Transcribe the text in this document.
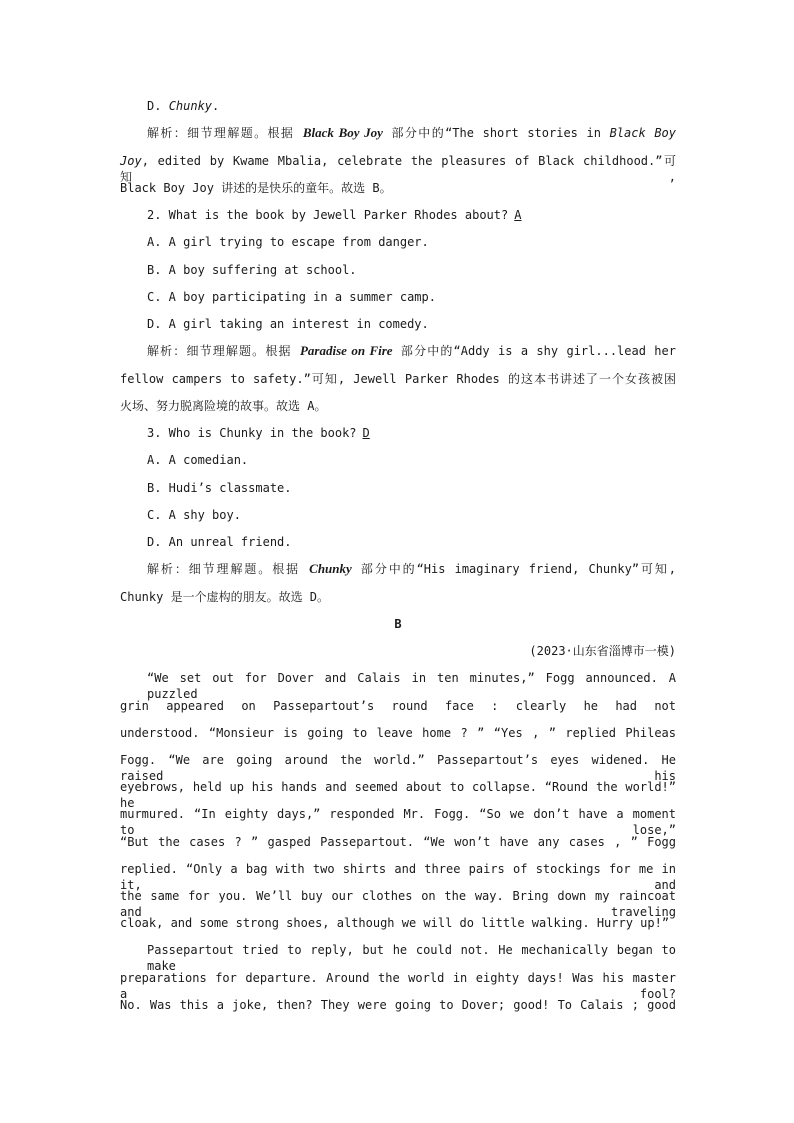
D. Chunky.
解析：细节理解题。根据 Black Boy Joy 部分中的“The short stories in Black Boy
Joy, edited by Kwame Mbalia, celebrate the pleasures of Black childhood.”可知,
Black Boy Joy 讲述的是快乐的童年。故选 B。
2. What is the book by Jewell Parker Rhodes about? A
A. A girl trying to escape from danger.
B. A boy suffering at school.
C. A boy participating in a summer camp.
D. A girl taking an interest in comedy.
解析：细节理解题。根据 Paradise on Fire 部分中的“Addy is a shy girl...lead her
fellow campers to safety.”可知, Jewell Parker Rhodes 的这本书讲述了一个女孩被困
火场、努力脱离险境的故事。故选 A。
3. Who is Chunky in the book? D
A. A comedian.
B. Hudi’s classmate.
C. A shy boy.
D. An unreal friend.
解析：细节理解题。根据 Chunky 部分中的“His imaginary friend, Chunky”可知,
Chunky 是一个虚构的朋友。故选 D。
B
(2023·山东省淄博市一模)
“We set out for Dover and Calais in ten minutes,” Fogg announced. A puzzled
grin appeared on Passepartout’s round face : clearly he had not
understood. “Monsieur is going to leave home ? ” “Yes , ” replied Phileas
Fogg. “We are going around the world.” Passepartout’s eyes widened. He raised his
eyebrows, held up his hands and seemed about to collapse. “Round the world!” he
murmured. “In eighty days,” responded Mr. Fogg. “So we don’t have a moment to lose,”
“But the cases ? ” gasped Passepartout. “We won’t have any cases , ” Fogg
replied. “Only a bag with two shirts and three pairs of stockings for me in it, and
the same for you. We’ll buy our clothes on the way. Bring down my raincoat and traveling
cloak, and some strong shoes, although we will do little walking. Hurry up!”
Passepartout tried to reply, but he could not. He mechanically began to make
preparations for departure. Around the world in eighty days! Was his master a fool?
No. Was this a joke, then? They were going to Dover; good! To Calais ; good
